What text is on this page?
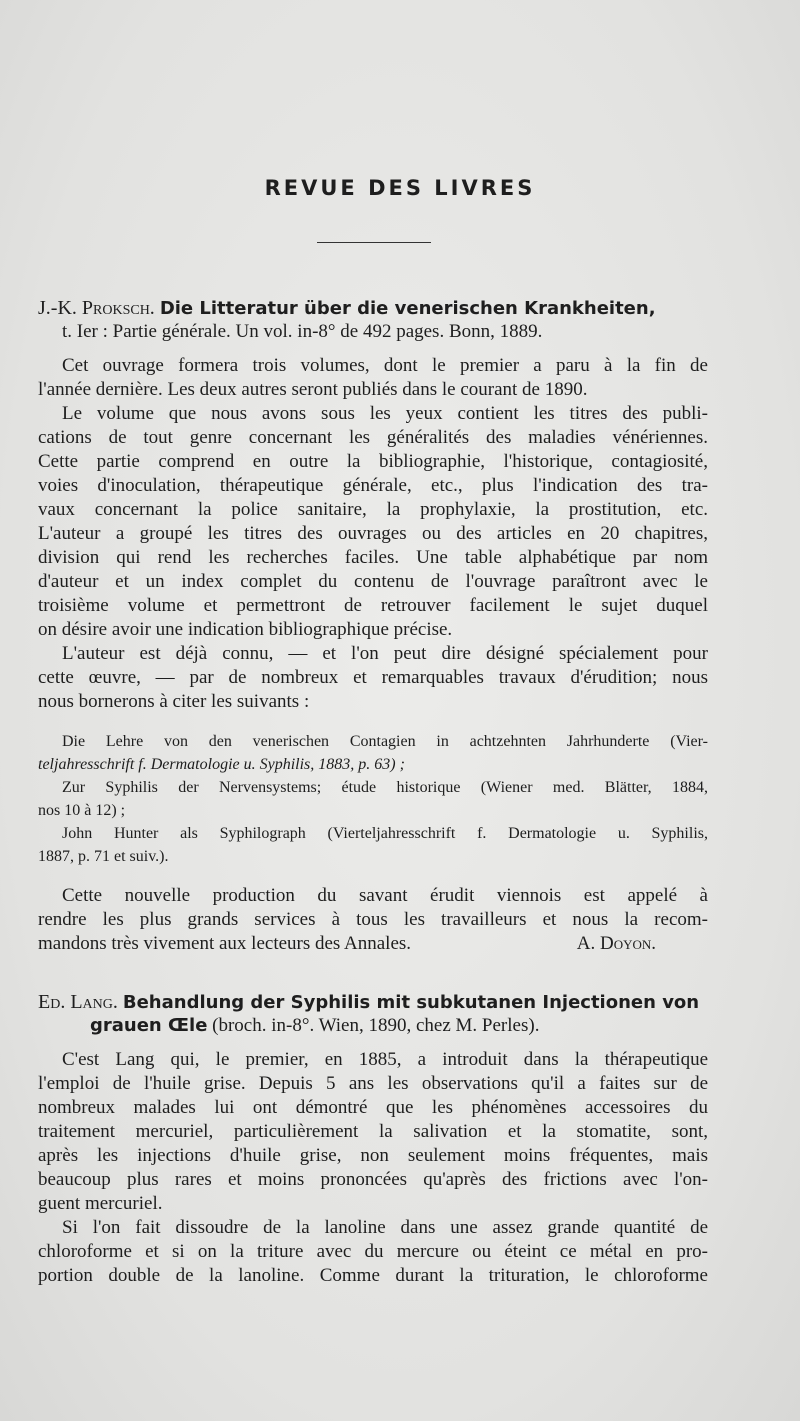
REVUE DES LIVRES
J.-K. Proksch. Die Litteratur über die venerischen Krankheiten,
t. Ier : Partie générale. Un vol. in-8° de 492 pages. Bonn, 1889.
Cet ouvrage formera trois volumes, dont le premier a paru à la fin de
l'année dernière. Les deux autres seront publiés dans le courant de 1890.
Le volume que nous avons sous les yeux contient les titres des publi-
cations de tout genre concernant les généralités des maladies vénériennes.
Cette partie comprend en outre la bibliographie, l'historique, contagiosité,
voies d'inoculation, thérapeutique générale, etc., plus l'indication des tra-
vaux concernant la police sanitaire, la prophylaxie, la prostitution, etc.
L'auteur a groupé les titres des ouvrages ou des articles en 20 chapitres,
division qui rend les recherches faciles. Une table alphabétique par nom
d'auteur et un index complet du contenu de l'ouvrage paraîtront avec le
troisième volume et permettront de retrouver facilement le sujet duquel
on désire avoir une indication bibliographique précise.
L'auteur est déjà connu, — et l'on peut dire désigné spécialement pour
cette œuvre, — par de nombreux et remarquables travaux d'érudition; nous
nous bornerons à citer les suivants :
Die Lehre von den venerischen Contagien in achtzehnten Jahrhunderte (Vier-
teljahresschrift f. Dermatologie u. Syphilis, 1883, p. 63) ;
Zur Syphilis der Nervensystems; étude historique (Wiener med. Blätter, 1884,
nos 10 à 12) ;
John Hunter als Syphilograph (Vierteljahresschrift f. Dermatologie u. Syphilis,
1887, p. 71 et suiv.).
Cette nouvelle production du savant érudit viennois est appelé à
rendre les plus grands services à tous les travailleurs et nous la recom-
mandons très vivement aux lecteurs des Annales.	A. Doyon.
Ed. Lang. Behandlung der Syphilis mit subkutanen Injectionen von
grauen Œle (broch. in-8°. Wien, 1890, chez M. Perles).
C'est Lang qui, le premier, en 1885, a introduit dans la thérapeutique
l'emploi de l'huile grise. Depuis 5 ans les observations qu'il a faites sur de
nombreux malades lui ont démontré que les phénomènes accessoires du
traitement mercuriel, particulièrement la salivation et la stomatite, sont,
après les injections d'huile grise, non seulement moins fréquentes, mais
beaucoup plus rares et moins prononcées qu'après des frictions avec l'on-
guent mercuriel.
Si l'on fait dissoudre de la lanoline dans une assez grande quantité de
chloroforme et si on la triture avec du mercure ou éteint ce métal en pro-
portion double de la lanoline. Comme durant la trituration, le chloroforme
